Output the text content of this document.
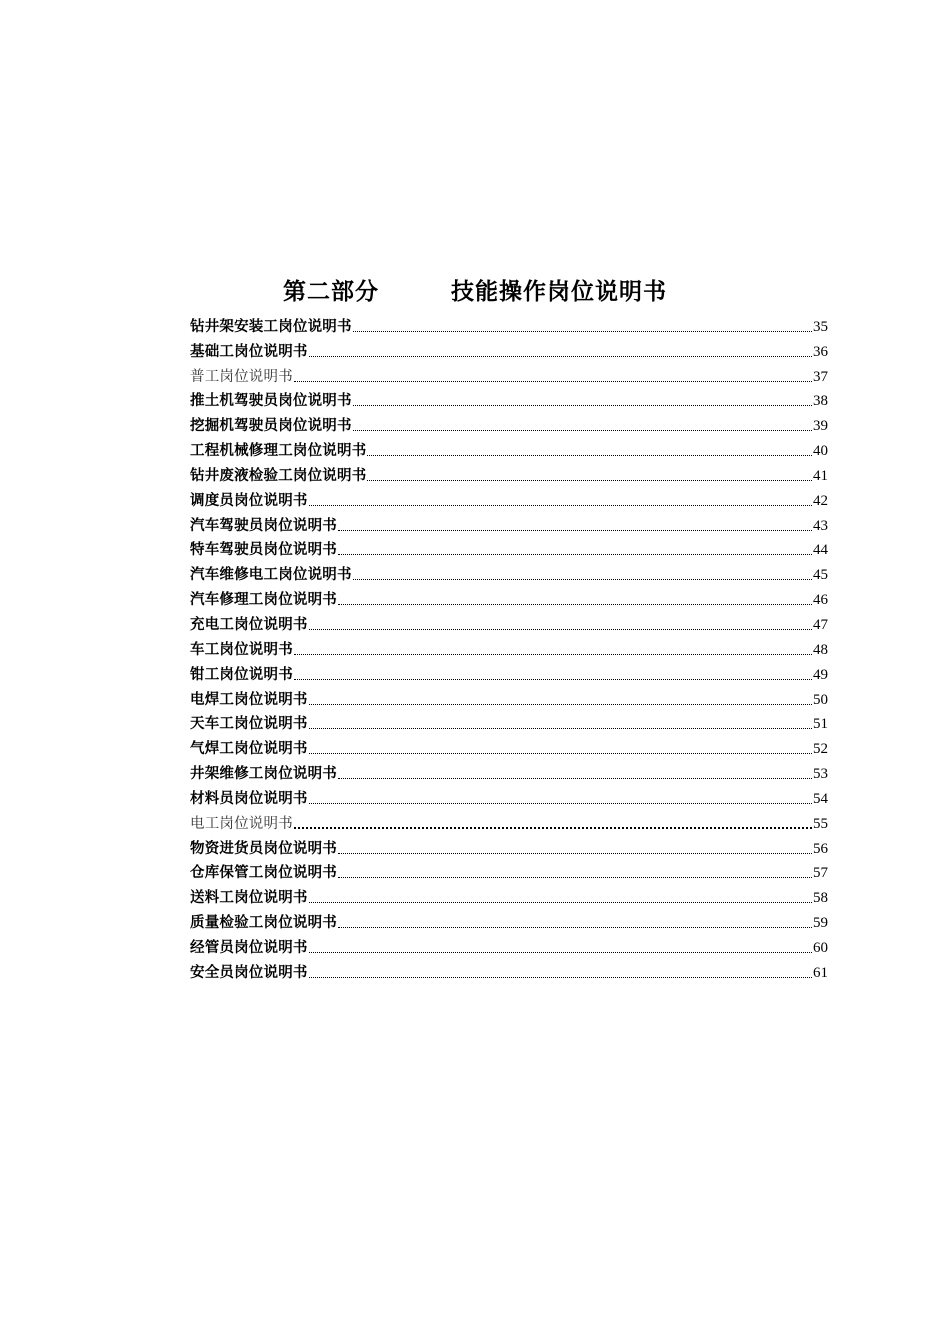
第二部分        技能操作岗位说明书
钻井架安装工岗位说明书	35
基础工岗位说明书	36
普工岗位说明书	37
推土机驾驶员岗位说明书	38
挖掘机驾驶员岗位说明书	39
工程机械修理工岗位说明书	40
钻井废液检验工岗位说明书	41
调度员岗位说明书	42
汽车驾驶员岗位说明书	43
特车驾驶员岗位说明书	44
汽车维修电工岗位说明书	45
汽车修理工岗位说明书	46
充电工岗位说明书	47
车工岗位说明书	48
钳工岗位说明书	49
电焊工岗位说明书	50
天车工岗位说明书	51
气焊工岗位说明书	52
井架维修工岗位说明书	53
材料员岗位说明书	54
电工岗位说明书	55
物资进货员岗位说明书	56
仓库保管工岗位说明书	57
送料工岗位说明书	58
质量检验工岗位说明书	59
经管员岗位说明书	60
安全员岗位说明书	61
